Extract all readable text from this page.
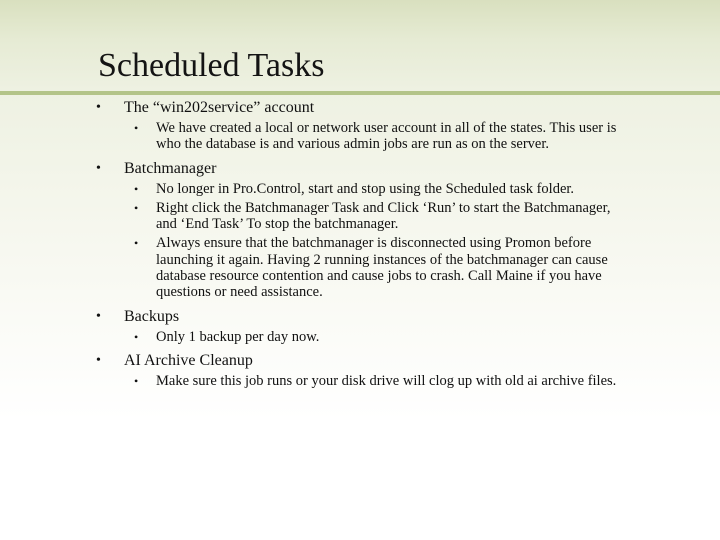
Scheduled Tasks
• The “win202service” account
• We have created a local or network user account in all of the states. This user is who the database is and various admin jobs are run as on the server.
• Batchmanager
• No longer in Pro.Control, start and stop using the Scheduled task folder.
• Right click the Batchmanager Task and Click ‘Run’ to start the Batchmanager, and ‘End Task’ To stop the batchmanager.
• Always ensure that the batchmanager is disconnected using Promon before launching it again. Having 2 running instances of the batchmanager can cause database resource contention and cause jobs to crash. Call Maine if you have questions or need assistance.
• Backups
• Only 1 backup per day now.
• AI Archive Cleanup
• Make sure this job runs or your disk drive will clog up with old ai archive files.
